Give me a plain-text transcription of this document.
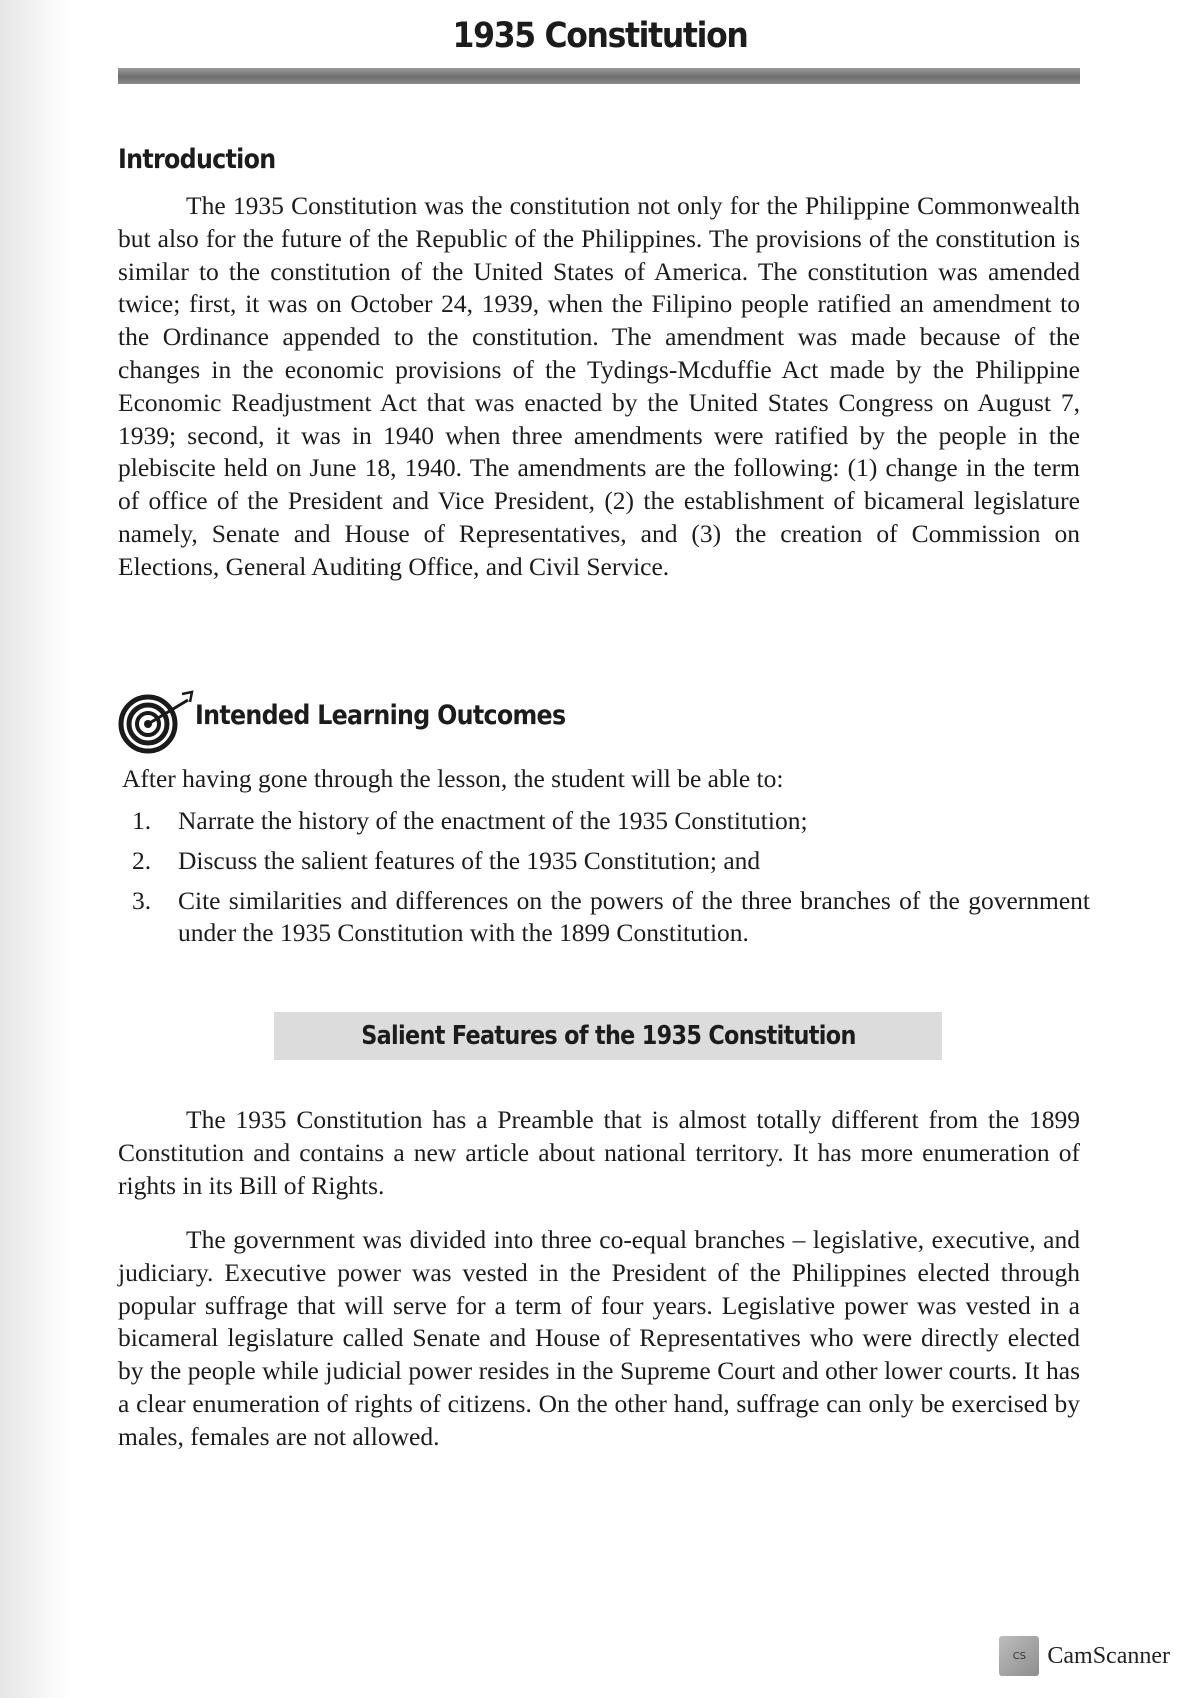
1935 Constitution
Introduction

The 1935 Constitution was the constitution not only for the Philippine Commonwealth but also for the future of the Republic of the Philippines. The provisions of the constitution is similar to the constitution of the United States of America. The constitution was amended twice; first, it was on October 24, 1939, when the Filipino people ratified an amendment to the Ordinance appended to the constitution. The amendment was made because of the changes in the economic provisions of the Tydings-Mcduffie Act made by the Philippine Economic Readjustment Act that was enacted by the United States Congress on August 7, 1939; second, it was in 1940 when three amendments were ratified by the people in the plebiscite held on June 18, 1940. The amendments are the following: (1) change in the term of office of the President and Vice President, (2) the establishment of bicameral legislature namely, Senate and House of Representatives, and (3) the creation of Commission on Elections, General Auditing Office, and Civil Service.

Intended Learning Outcomes
After having gone through the lesson, the student will be able to:
1. Narrate the history of the enactment of the 1935 Constitution;
2. Discuss the salient features of the 1935 Constitution; and
3. Cite similarities and differences on the powers of the three branches of the government under the 1935 Constitution with the 1899 Constitution.
Salient Features of the 1935 Constitution

The 1935 Constitution has a Preamble that is almost totally different from the 1899 Constitution and contains a new article about national territory. It has more enumeration of rights in its Bill of Rights.

The government was divided into three co-equal branches – legislative, executive, and judiciary. Executive power was vested in the President of the Philippines elected through popular suffrage that will serve for a term of four years. Legislative power was vested in a bicameral legislature called Senate and House of Representatives who were directly elected by the people while judicial power resides in the Supreme Court and other lower courts. It has a clear enumeration of rights of citizens. On the other hand, suffrage can only be exercised by males, females are not allowed.

CS CamScanner
